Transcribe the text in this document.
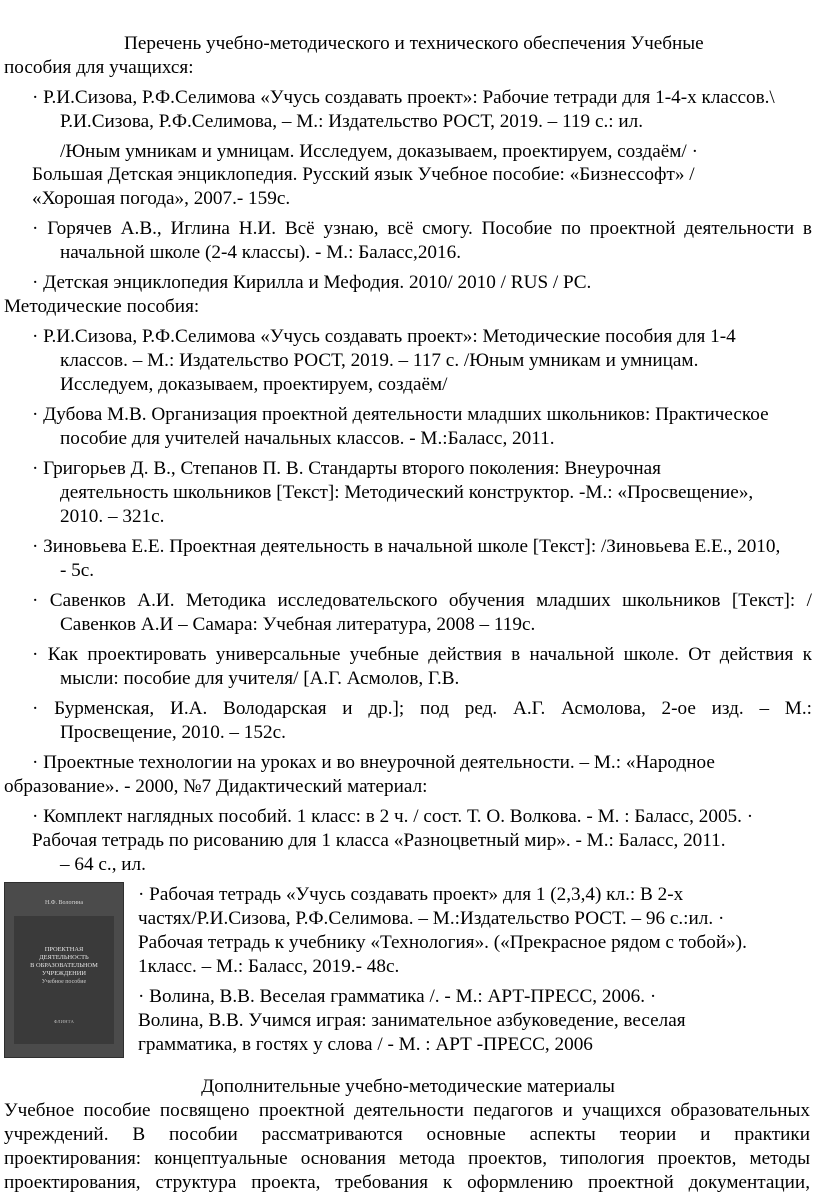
Перечень учебно-методического и технического обеспечения Учебные
пособия для учащихся:
· Р.И.Сизова, Р.Ф.Селимова «Учусь создавать проект»: Рабочие тетради для 1-4-х классов.\
Р.И.Сизова, Р.Ф.Селимова, – М.: Издательство РОСТ, 2019. – 119 с.: ил.
/Юным умникам и умницам. Исследуем, доказываем, проектируем, создаём/ ·
Большая Детская энциклопедия. Русский язык Учебное пособие: «Бизнессофт» /
«Хорошая погода», 2007.- 159с.
· Горячев А.В., Иглина Н.И. Всё узнаю, всё смогу. Пособие по проектной деятельности в
начальной школе (2-4 классы). - М.: Баласс,2016.
· Детская энциклопедия Кирилла и Мефодия. 2010/ 2010 / RUS / PC.
Методические пособия:
· Р.И.Сизова, Р.Ф.Селимова «Учусь создавать проект»: Методические пособия для 1-4
классов. – М.: Издательство РОСТ, 2019. – 117 с. /Юным умникам и умницам.
Исследуем, доказываем, проектируем, создаём/
· Дубова М.В. Организация проектной деятельности младших школьников: Практическое
пособие для учителей начальных классов. - М.:Баласс, 2011.
· Григорьев Д. В., Степанов П. В. Стандарты второго поколения: Внеурочная
деятельность школьников [Текст]: Методический конструктор. -М.: «Просвещение»,
2010. – 321с.
· Зиновьева Е.Е. Проектная деятельность в начальной школе [Текст]: /Зиновьева Е.Е., 2010,
- 5с.
· Савенков А.И. Методика исследовательского обучения младших школьников [Текст]: /
Савенков А.И – Самара: Учебная литература, 2008 – 119с.
· Как проектировать универсальные учебные действия в начальной школе. От действия к
мысли: пособие для учителя/ [А.Г. Асмолов, Г.В.
· Бурменская, И.А. Володарская и др.]; под ред. А.Г. Асмолова, 2-ое изд. – М.:
Просвещение, 2010. – 152с.
· Проектные технологии на уроках и во внеурочной деятельности. – М.: «Народное
образование». - 2000, №7 Дидактический материал:
· Комплект наглядных пособий. 1 класс: в 2 ч. / сост. Т. О. Волкова. - М. : Баласс, 2005. ·
Рабочая тетрадь по рисованию для 1 класса «Разноцветный мир». - М.: Баласс, 2011.
– 64 с., ил.
Н.Ф. Вологина
ПРОЕКТНАЯ
ДЕЯТЕЛЬНОСТЬ
В ОБРАЗОВАТЕЛЬНОМ
УЧРЕЖДЕНИИ
Учебное пособие
ФЛИНТА
· Рабочая тетрадь «Учусь создавать проект» для 1 (2,3,4) кл.: В 2-х
частях/Р.И.Сизова, Р.Ф.Селимова. – М.:Издательство РОСТ. – 96 с.:ил. ·
Рабочая тетрадь к учебнику «Технология». («Прекрасное рядом с тобой»).
1класс. – М.: Баласс, 2019.- 48с.
· Волина, В.В. Веселая грамматика /. - М.: АРТ-ПРЕСС, 2006. ·
Волина, В.В. Учимся играя: занимательное азбуковедение, веселая
грамматика, в гостях у слова / - М. : АРТ -ПРЕСС, 2006
Дополнительные учебно-методические материалы
Учебное пособие посвящено проектной деятельности педагогов и учащихся образовательных
учреждений. В пособии рассматриваются основные аспекты теории и практики
проектирования: концептуальные основания метода проектов, типология проектов, методы
проектирования, структура проекта, требования к оформлению проектной документации,
